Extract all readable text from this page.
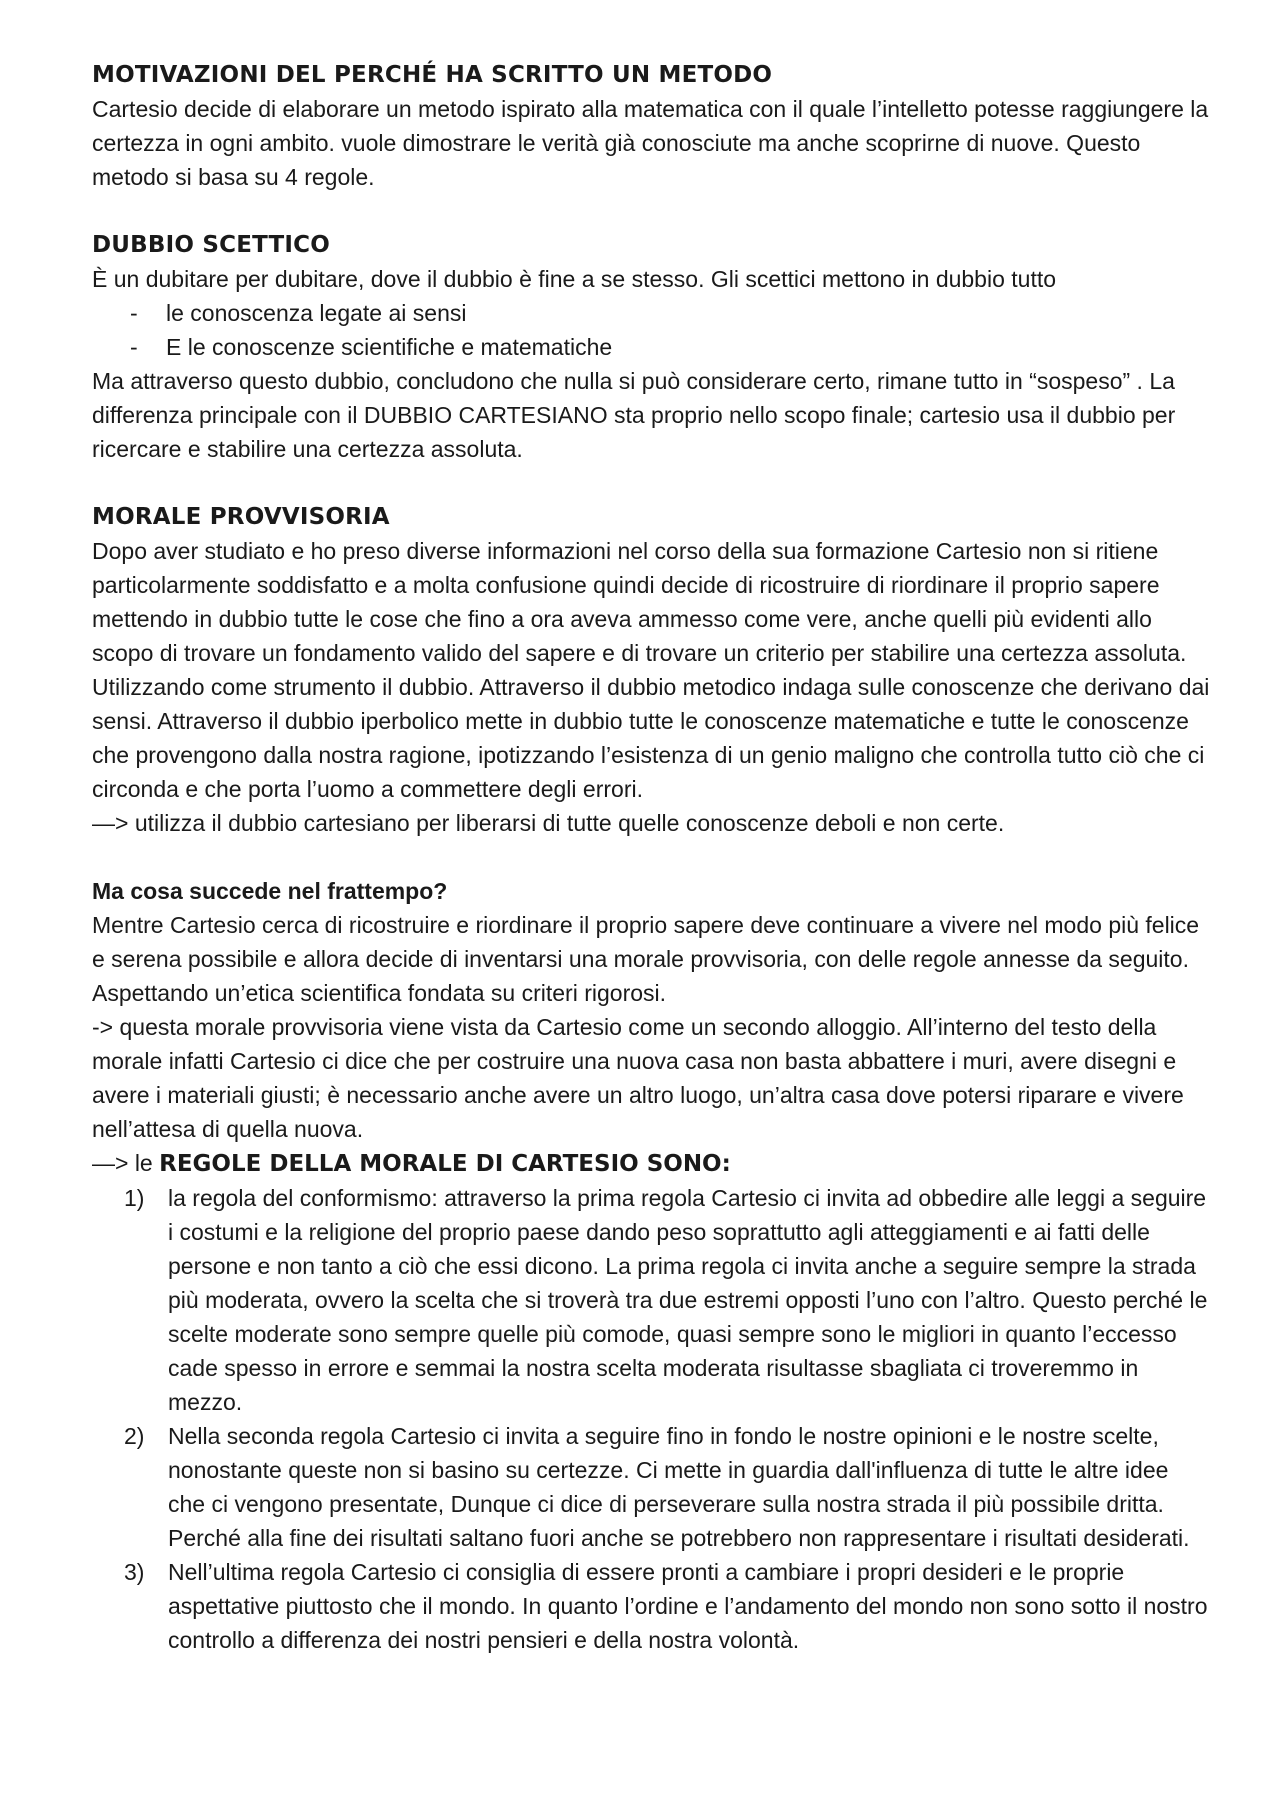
MOTIVAZIONI DEL PERCHÉ HA SCRITTO UN METODO

Cartesio decide di elaborare un metodo ispirato alla matematica con il quale l’intelletto potesse raggiungere la certezza in ogni ambito. vuole dimostrare le verità già conosciute ma anche scoprirne di nuove. Questo metodo si basa su 4 regole.

DUBBIO SCETTICO

È un dubitare per dubitare, dove il dubbio è fine a se stesso. Gli scettici mettono in dubbio tutto

- le conoscenza legate ai sensi
- E le conoscenze scientifiche e matematiche

Ma attraverso questo dubbio, concludono che nulla si può considerare certo, rimane tutto in “sospeso” . La differenza principale con il DUBBIO CARTESIANO sta proprio nello scopo finale; cartesio usa il dubbio per ricercare e stabilire una certezza assoluta.

MORALE PROVVISORIA

Dopo aver studiato e ho preso diverse informazioni nel corso della sua formazione Cartesio non si ritiene particolarmente soddisfatto e a molta confusione quindi decide di ricostruire di riordinare il proprio sapere mettendo in dubbio tutte le cose che fino a ora aveva ammesso come vere, anche quelli più evidenti allo scopo di trovare un fondamento valido del sapere e di trovare un criterio per stabilire una certezza assoluta. Utilizzando come strumento il dubbio. Attraverso il dubbio metodico indaga sulle conoscenze che derivano dai sensi. Attraverso il dubbio iperbolico mette in dubbio tutte le conoscenze matematiche e tutte le conoscenze che provengono dalla nostra ragione, ipotizzando l’esistenza di un genio maligno che controlla tutto ciò che ci circonda e che porta l’uomo a commettere degli errori.

—> utilizza il dubbio cartesiano per liberarsi di tutte quelle conoscenze deboli e non certe.

Ma cosa succede nel frattempo?

Mentre Cartesio cerca di ricostruire e riordinare il proprio sapere deve continuare a vivere nel modo più felice e serena possibile e allora decide di inventarsi una morale provvisoria, con delle regole annesse da seguito. Aspettando un’etica scientifica fondata su criteri rigorosi.

-> questa morale provvisoria viene vista da Cartesio come un secondo alloggio. All’interno del testo della morale infatti Cartesio ci dice che per costruire una nuova casa non basta abbattere i muri, avere disegni e avere i materiali giusti; è necessario anche avere un altro luogo, un’altra casa dove potersi riparare e vivere nell’attesa di quella nuova.

—> le REGOLE DELLA MORALE DI CARTESIO SONO:

1) la regola del conformismo: attraverso la prima regola Cartesio ci invita ad obbedire alle leggi a seguire i costumi e la religione del proprio paese dando peso soprattutto agli atteggiamenti e ai fatti delle persone e non tanto a ciò che essi dicono. La prima regola ci invita anche a seguire sempre la strada più moderata, ovvero la scelta che si troverà tra due estremi opposti l’uno con l’altro. Questo perché le scelte moderate sono sempre quelle più comode, quasi sempre sono le migliori in quanto l’eccesso cade spesso in errore e semmai la nostra scelta moderata risultasse sbagliata ci troveremmo in mezzo.
2) Nella seconda regola Cartesio ci invita a seguire fino in fondo le nostre opinioni e le nostre scelte, nonostante queste non si basino su certezze. Ci mette in guardia dall'influenza di tutte le altre idee che ci vengono presentate, Dunque ci dice di perseverare sulla nostra strada il più possibile dritta. Perché alla fine dei risultati saltano fuori anche se potrebbero non rappresentare i risultati desiderati.
3) Nell’ultima regola Cartesio ci consiglia di essere pronti a cambiare i propri desideri e le proprie aspettative piuttosto che il mondo. In quanto l’ordine e l’andamento del mondo non sono sotto il nostro controllo a differenza dei nostri pensieri e della nostra volontà.
